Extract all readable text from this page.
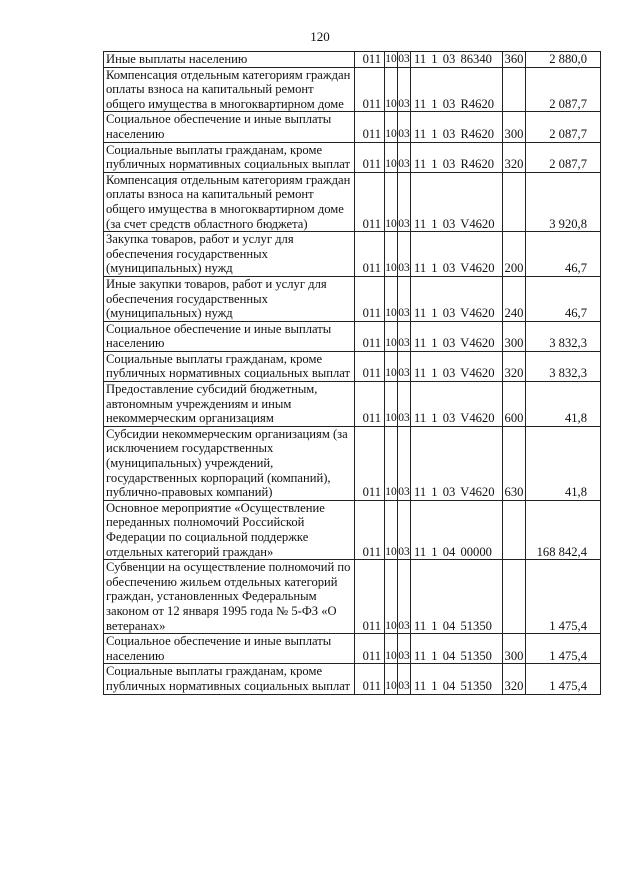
120
Иные выплаты населению	011	10	03	11 1 03 86340	360	2 880,0
Компенсация отдельным категориям граждан оплаты взноса на капитальный ремонт общего имущества в многоквартирном доме	011	10	03	11 1 03 R4620		2 087,7
Социальное обеспечение и иные выплаты населению	011	10	03	11 1 03 R4620	300	2 087,7
Социальные выплаты гражданам, кроме публичных нормативных социальных выплат	011	10	03	11 1 03 R4620	320	2 087,7
Компенсация отдельным категориям граждан оплаты взноса на капитальный ремонт общего имущества в многоквартирном доме (за счет средств областного бюджета)	011	10	03	11 1 03 V4620		3 920,8
Закупка товаров, работ и услуг для обеспечения государственных (муниципальных) нужд	011	10	03	11 1 03 V4620	200	46,7
Иные закупки товаров, работ и услуг для обеспечения государственных (муниципальных) нужд	011	10	03	11 1 03 V4620	240	46,7
Социальное обеспечение и иные выплаты населению	011	10	03	11 1 03 V4620	300	3 832,3
Социальные выплаты гражданам, кроме публичных нормативных социальных выплат	011	10	03	11 1 03 V4620	320	3 832,3
Предоставление субсидий бюджетным, автономным учреждениям и иным некоммерческим организациям	011	10	03	11 1 03 V4620	600	41,8
Субсидии некоммерческим организациям (за исключением государственных (муниципальных) учреждений, государственных корпораций (компаний), публично-правовых компаний)	011	10	03	11 1 03 V4620	630	41,8
Основное мероприятие «Осуществление переданных полномочий Российской Федерации по социальной поддержке отдельных категорий граждан»	011	10	03	11 1 04 00000		168 842,4
Субвенции на осуществление полномочий по обеспечению жильем отдельных категорий граждан, установленных Федеральным законом от 12 января 1995 года № 5-ФЗ «О ветеранах»	011	10	03	11 1 04 51350		1 475,4
Социальное обеспечение и иные выплаты населению	011	10	03	11 1 04 51350	300	1 475,4
Социальные выплаты гражданам, кроме публичных нормативных социальных выплат	011	10	03	11 1 04 51350	320	1 475,4
